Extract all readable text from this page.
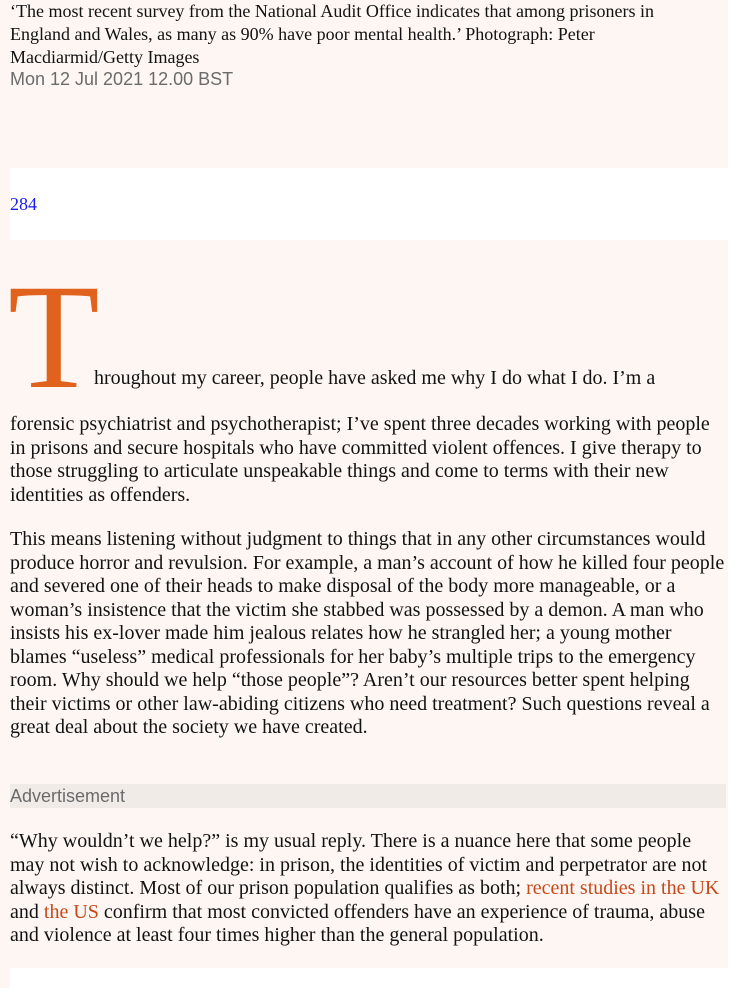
‘The most recent survey from the National Audit Office indicates that among prisoners in England and Wales, as many as 90% have poor mental health.’ Photograph: Peter Macdiarmid/Getty Images
Mon 12 Jul 2021 12.00 BST
284
T
hroughout my career, people have asked me why I do what I do. I’m a

forensic psychiatrist and psychotherapist; I’ve spent three decades working with people in prisons and secure hospitals who have committed violent offences. I give therapy to those struggling to articulate unspeakable things and come to terms with their new identities as offenders.

This means listening without judgment to things that in any other circumstances would produce horror and revulsion. For example, a man’s account of how he killed four people and severed one of their heads to make disposal of the body more manageable, or a woman’s insistence that the victim she stabbed was possessed by a demon. A man who insists his ex-lover made him jealous relates how he strangled her; a young mother blames “useless” medical professionals for her baby’s multiple trips to the emergency room. Why should we help “those people”? Aren’t our resources better spent helping their victims or other law-abiding citizens who need treatment? Such questions reveal a great deal about the society we have created.

Advertisement

“Why wouldn’t we help?” is my usual reply. There is a nuance here that some people may not wish to acknowledge: in prison, the identities of victim and perpetrator are not always distinct. Most of our prison population qualifies as both; recent studies in the UK and the US confirm that most convicted offenders have an experience of trauma, abuse and violence at least four times higher than the general population.
